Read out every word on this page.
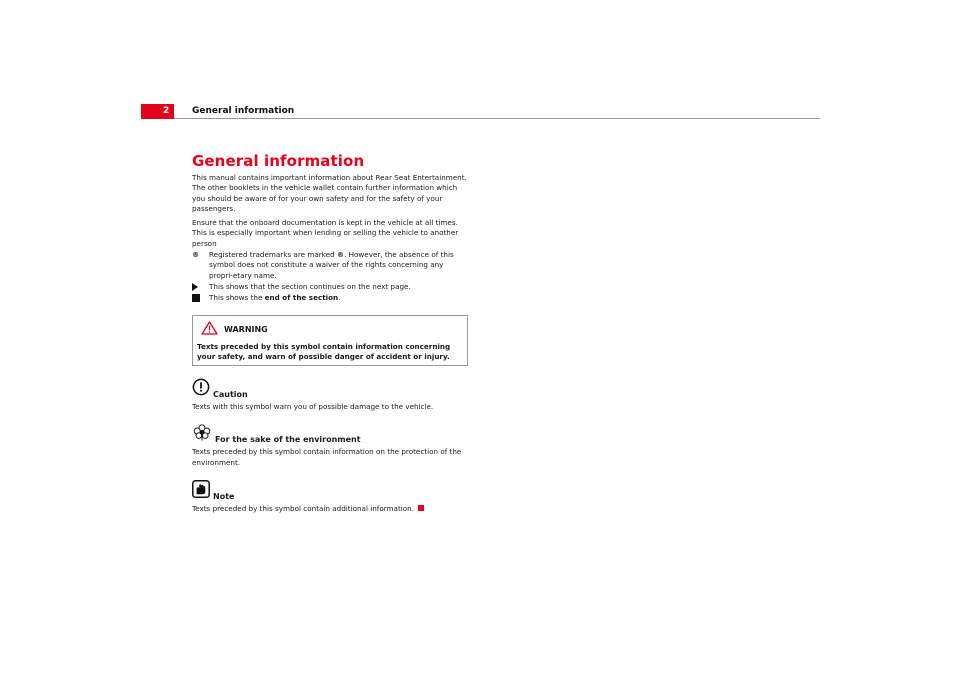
2	General information
General information

This manual contains important information about Rear Seat Entertainment. The other booklets in the vehicle wallet contain further information which you should be aware of for your own safety and for the safety of your passengers.

Ensure that the onboard documentation is kept in the vehicle at all times. This is especially important when lending or selling the vehicle to another person

® Registered trademarks are marked ®. However, the absence of this symbol does not constitute a waiver of the rights concerning any propri-etary name.
This shows that the section continues on the next page.
This shows the end of the section.
WARNING
Texts preceded by this symbol contain information concerning your safety, and warn of possible danger of accident or injury.
Caution
Texts with this symbol warn you of possible damage to the vehicle.
For the sake of the environment
Texts preceded by this symbol contain information on the protection of the environment.
Note
Texts preceded by this symbol contain additional information.
